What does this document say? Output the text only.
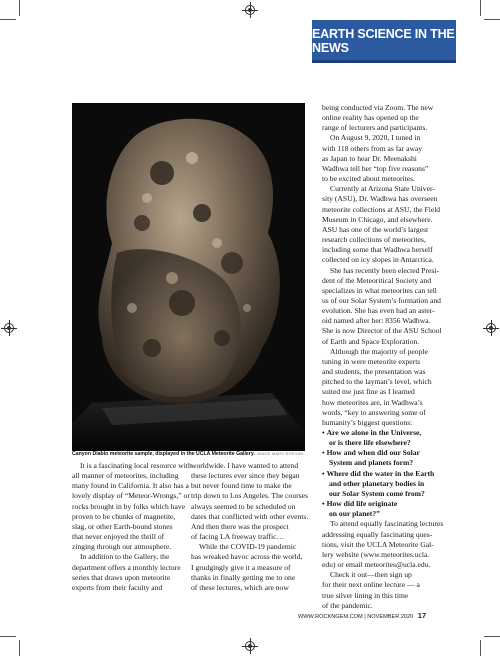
EARTH SCIENCE IN THE NEWS
Canyon Diablo meteorite sample, displayed in the UCLA Meteorite Gallery. IMAGE MARY ROSYAN
It is a fascinating local resource with
all manner of meteorites, including
many found in California. It also has a
lovely display of “Meteor-Wrongs,” or
rocks brought in by folks which have
proven to be chunks of magnetite,
slag, or other Earth-bound stones
that never enjoyed the thrill of
zinging through our atmosphere.
In addition to the Gallery, the
department offers a monthly lecture
series that draws upon meteorite
experts from their faculty and
worldwide. I have wanted to attend
these lectures ever since they began
but never found time to make the
trip down to Los Angeles. The courses
always seemed to be scheduled on
dates that conflicted with other events.
And then there was the prospect
of facing LA freeway traffic…
While the COVID-19 pandemic
has wreaked havoc across the world,
I grudgingly give it a measure of
thanks in finally getting me to one
of these lectures, which are now
being conducted via Zoom. The new
online reality has opened up the
range of lecturers and participants.
On August 9, 2020, I tuned in
with 118 others from as far away
as Japan to hear Dr. Meenakshi
Wadhwa tell her “top five reasons”
to be excited about meteorites.
Currently at Arizona State Univer-
sity (ASU), Dr. Wadhwa has overseen
meteorite collections at ASU, the Field
Museum in Chicago, and elsewhere.
ASU has one of the world’s largest
research collections of meteorites,
including some that Wadhwa herself
collected on icy slopes in Antarctica.
She has recently been elected Presi-
dent of the Meteoritical Society and
specializes in what meteorites can tell
us of our Solar System’s formation and
evolution. She has even had an aster-
oid named after her: 8356 Wadhwa.
She is now Director of the ASU School
of Earth and Space Exploration.
Although the majority of people
tuning in were meteorite experts
and students, the presentation was
pitched to the layman’s level, which
suited me just fine as I learned
how meteorites are, in Wadhwa’s
words, “key to answering some of
humanity’s biggest questions:
• Are we alone in the Universe,
or is there life elsewhere?
• How and when did our Solar
System and planets form?
• Where did the water in the Earth
and other planetary bodies in
our Solar System come from?
• How did life originate
on our planet?”
To attend equally fascinating lectures
addressing equally fascinating ques-
tions, visit the UCLA Meteorite Gal-
lery website (www.meteorites.ucla.
edu) or email meteorites@ucla.edu.
Check it out—then sign up
for their next online lecture — a
true silver lining in this time
of the pandemic.
WWW.ROCKNGEM.COM | NOVEMBER 2020 17
